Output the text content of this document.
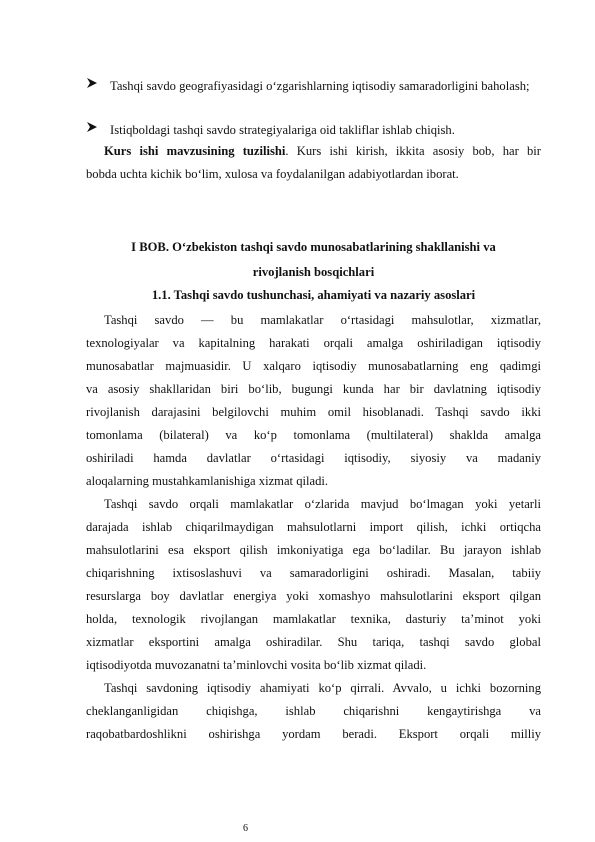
Tashqi savdo geografiyasidagi o‘zgarishlarning iqtisodiy samaradorligini baholash;
Istiqboldagi tashqi savdo strategiyalariga oid takliflar ishlab chiqish.
Kurs ishi mavzusining tuzilishi. Kurs ishi kirish, ikkita asosiy bob, har bir
bobda uchta kichik bo‘lim, xulosa va foydalanilgan adabiyotlardan iborat.
I BOB. O‘zbekiston tashqi savdo munosabatlarining shakllanishi va
rivojlanish bosqichlari
1.1. Tashqi savdo tushunchasi, ahamiyati va nazariy asoslari
Tashqi savdo — bu mamlakatlar o‘rtasidagi mahsulotlar, xizmatlar,
texnologiyalar va kapitalning harakati orqali amalga oshiriladigan iqtisodiy
munosabatlar majmuasidir. U xalqaro iqtisodiy munosabatlarning eng qadimgi
va asosiy shakllaridan biri bo‘lib, bugungi kunda har bir davlatning iqtisodiy
rivojlanish darajasini belgilovchi muhim omil hisoblanadi. Tashqi savdo ikki
tomonlama (bilateral) va ko‘p tomonlama (multilateral) shaklda amalga
oshiriladi hamda davlatlar o‘rtasidagi iqtisodiy, siyosiy va madaniy
aloqalarning mustahkamlanishiga xizmat qiladi.
Tashqi savdo orqali mamlakatlar o‘zlarida mavjud bo‘lmagan yoki yetarli
darajada ishlab chiqarilmaydigan mahsulotlarni import qilish, ichki ortiqcha
mahsulotlarini esa eksport qilish imkoniyatiga ega bo‘ladilar. Bu jarayon ishlab
chiqarishning ixtisoslashuvi va samaradorligini oshiradi. Masalan, tabiiy
resurslarga boy davlatlar energiya yoki xomashyo mahsulotlarini eksport qilgan
holda, texnologik rivojlangan mamlakatlar texnika, dasturiy ta’minot yoki
xizmatlar eksportini amalga oshiradilar. Shu tariqa, tashqi savdo global
iqtisodiyotda muvozanatni ta’minlovchi vosita bo‘lib xizmat qiladi.
Tashqi savdoning iqtisodiy ahamiyati ko‘p qirrali. Avvalo, u ichki bozorning
cheklanganligidan chiqishga, ishlab chiqarishni kengaytirishga va
raqobatbardoshlikni oshirishga yordam beradi. Eksport orqali milliy
6
